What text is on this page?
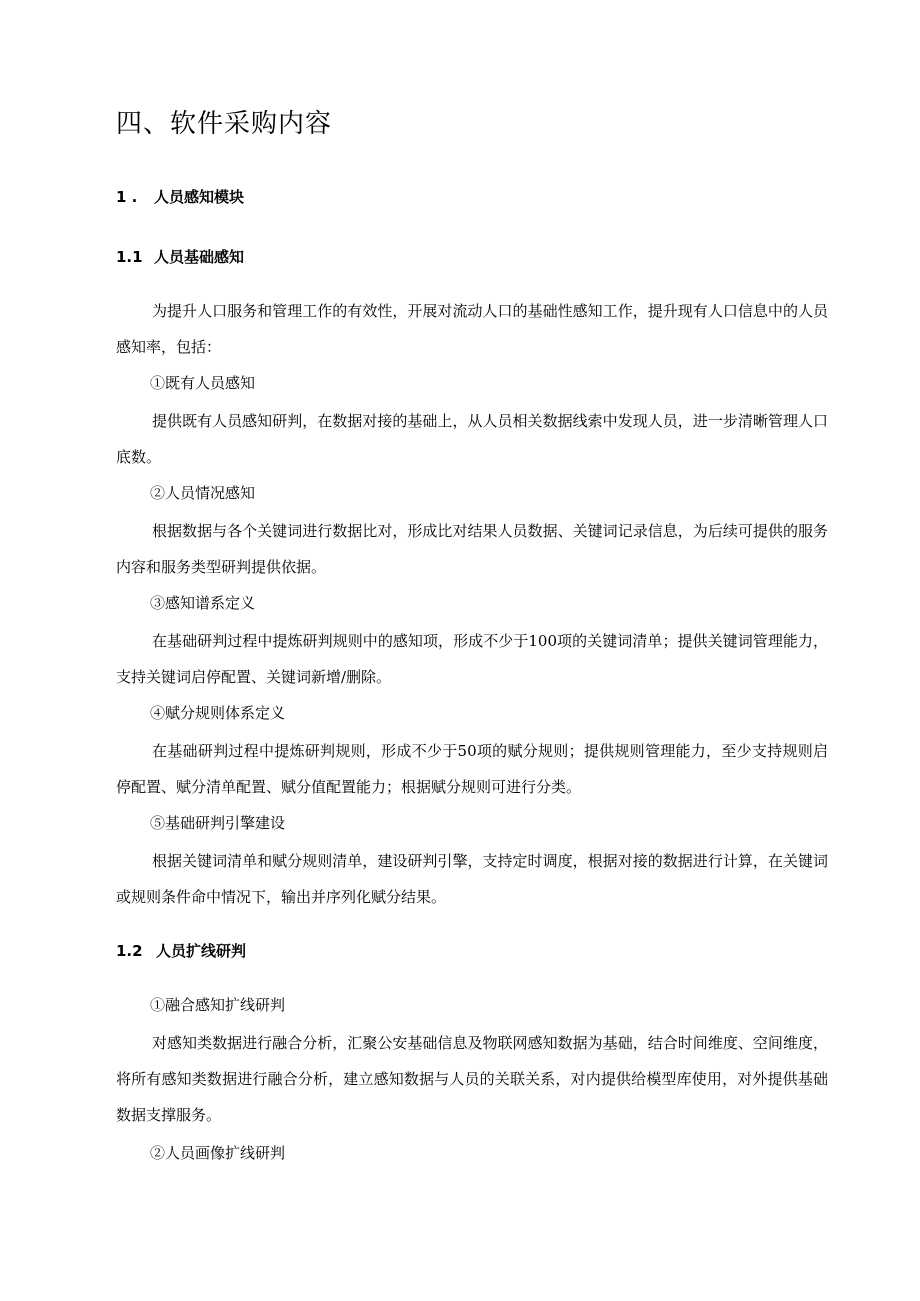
四、软件采购内容
1 . 人员感知模块
1.1 人员基础感知

为提升人口服务和管理工作的有效性，开展对流动人口的基础性感知工作，提升现有人口信息中的人员感知率，包括：

①既有人员感知

提供既有人员感知研判，在数据对接的基础上，从人员相关数据线索中发现人员，进一步清晰管理人口底数。

②人员情况感知

根据数据与各个关键词进行数据比对，形成比对结果人员数据、关键词记录信息，为后续可提供的服务内容和服务类型研判提供依据。

③感知谱系定义

在基础研判过程中提炼研判规则中的感知项，形成不少于100项的关键词清单；提供关键词管理能力，支持关键词启停配置、关键词新增/删除。

④赋分规则体系定义

在基础研判过程中提炼研判规则，形成不少于50项的赋分规则；提供规则管理能力，至少支持规则启停配置、赋分清单配置、赋分值配置能力；根据赋分规则可进行分类。

⑤基础研判引擎建设

根据关键词清单和赋分规则清单，建设研判引擎，支持定时调度，根据对接的数据进行计算，在关键词或规则条件命中情况下，输出并序列化赋分结果。

1.2 人员扩线研判
①融合感知扩线研判

对感知类数据进行融合分析，汇聚公安基础信息及物联网感知数据为基础，结合时间维度、空间维度，将所有感知类数据进行融合分析，建立感知数据与人员的关联关系，对内提供给模型库使用，对外提供基础数据支撑服务。

②人员画像扩线研判
